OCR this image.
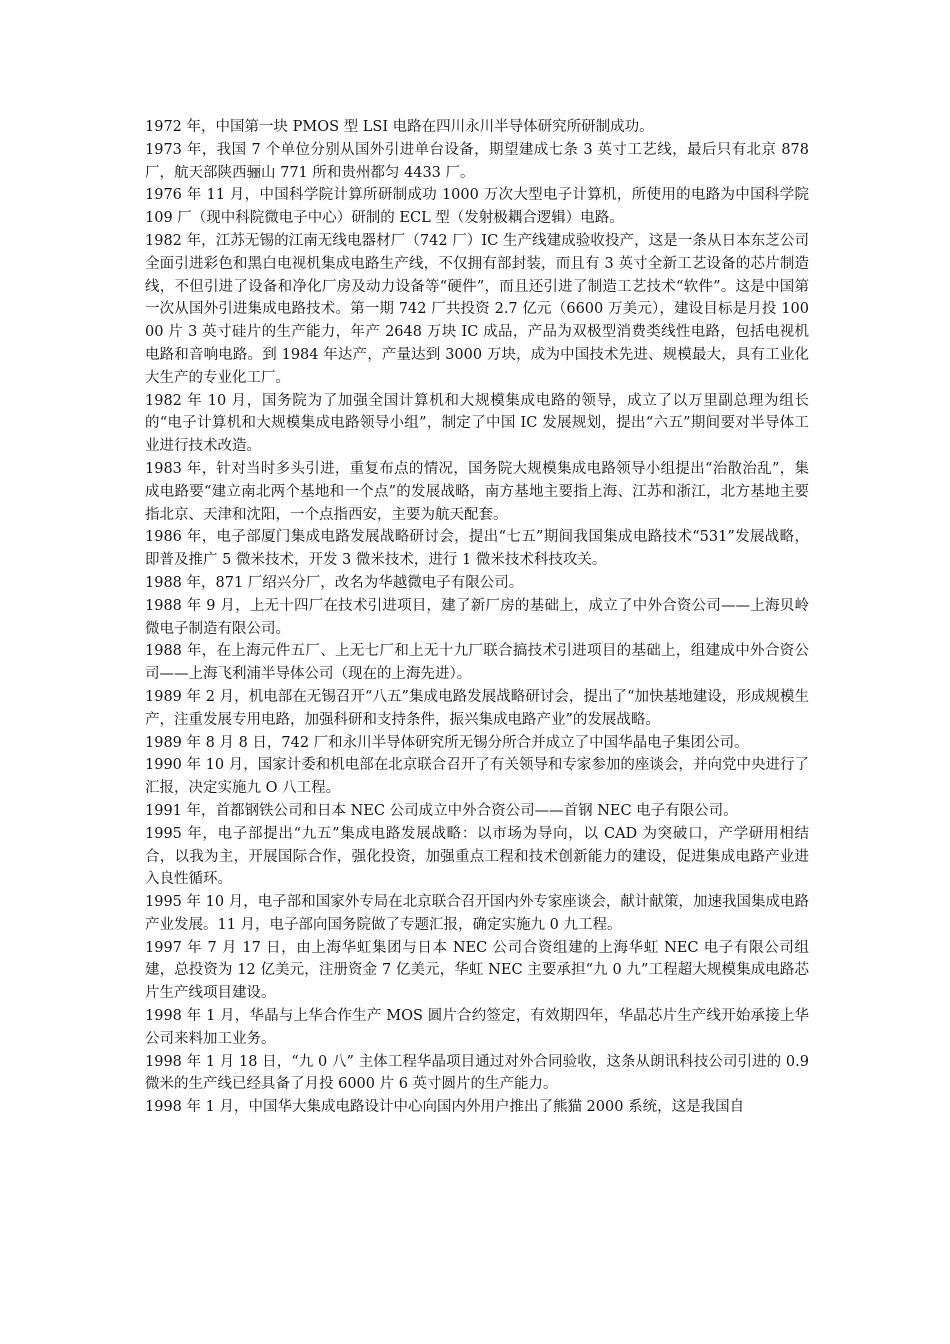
1972 年，中国第一块 PMOS 型 LSI 电路在四川永川半导体研究所研制成功。

1973 年，我国 7 个单位分别从国外引进单台设备，期望建成七条 3 英寸工艺线，最后只有北京 878 厂，航天部陕西骊山 771 所和贵州都匀 4433 厂。

1976 年 11 月，中国科学院计算所研制成功 1000 万次大型电子计算机，所使用的电路为中国科学院 109 厂（现中科院微电子中心）研制的 ECL 型（发射极耦合逻辑）电路。

1982 年，江苏无锡的江南无线电器材厂（742 厂）IC 生产线建成验收投产，这是一条从日本东芝公司全面引进彩色和黑白电视机集成电路生产线，不仅拥有部封装，而且有 3 英寸全新工艺设备的芯片制造线，不但引进了设备和净化厂房及动力设备等“硬件”，而且还引进了制造工艺技术“软件”。这是中国第一次从国外引进集成电路技术。第一期 742 厂共投资 2.7 亿元（6600 万美元），建设目标是月投 10000 片 3 英寸硅片的生产能力，年产 2648 万块 IC 成品，产品为双极型消费类线性电路，包括电视机电路和音响电路。到 1984 年达产，产量达到 3000 万块，成为中国技术先进、规模最大，具有工业化大生产的专业化工厂。

1982 年 10 月，国务院为了加强全国计算机和大规模集成电路的领导，成立了以万里副总理为组长的“电子计算机和大规模集成电路领导小组”，制定了中国 IC 发展规划，提出“六五”期间要对半导体工业进行技术改造。

1983 年，针对当时多头引进，重复布点的情况，国务院大规模集成电路领导小组提出“治散治乱”，集成电路要“建立南北两个基地和一个点”的发展战略，南方基地主要指上海、江苏和浙江，北方基地主要指北京、天津和沈阳，一个点指西安，主要为航天配套。

1986 年，电子部厦门集成电路发展战略研讨会，提出“七五”期间我国集成电路技术“531”发展战略，即普及推广 5 微米技术，开发 3 微米技术，进行 1 微米技术科技攻关。

1988 年，871 厂绍兴分厂，改名为华越微电子有限公司。

1988 年 9 月，上无十四厂在技术引进项目，建了新厂房的基础上，成立了中外合资公司——上海贝岭微电子制造有限公司。

1988 年，在上海元件五厂、上无七厂和上无十九厂联合搞技术引进项目的基础上，组建成中外合资公司——上海飞利浦半导体公司（现在的上海先进）。

1989 年 2 月，机电部在无锡召开“八五”集成电路发展战略研讨会，提出了“加快基地建设，形成规模生产，注重发展专用电路，加强科研和支持条件，振兴集成电路产业”的发展战略。

1989 年 8 月 8 日，742 厂和永川半导体研究所无锡分所合并成立了中国华晶电子集团公司。

1990 年 10 月，国家计委和机电部在北京联合召开了有关领导和专家参加的座谈会，并向党中央进行了汇报，决定实施九 O 八工程。

1991 年，首都钢铁公司和日本 NEC 公司成立中外合资公司——首钢 NEC 电子有限公司。

1995 年，电子部提出“九五”集成电路发展战略：以市场为导向，以 CAD 为突破口，产学研用相结合，以我为主，开展国际合作，强化投资，加强重点工程和技术创新能力的建设，促进集成电路产业进入良性循环。

1995 年 10 月，电子部和国家外专局在北京联合召开国内外专家座谈会，献计献策，加速我国集成电路产业发展。11 月，电子部向国务院做了专题汇报，确定实施九 0 九工程。

1997 年 7 月 17 日，由上海华虹集团与日本 NEC 公司合资组建的上海华虹 NEC 电子有限公司组建，总投资为 12 亿美元，注册资金 7 亿美元，华虹 NEC 主要承担“九 0 九”工程超大规模集成电路芯片生产线项目建设。

1998 年 1 月，华晶与上华合作生产 MOS 圆片合约签定，有效期四年，华晶芯片生产线开始承接上华公司来料加工业务。

1998 年 1 月 18 日，“九 0 八” 主体工程华晶项目通过对外合同验收，这条从朗讯科技公司引进的 0.9 微米的生产线已经具备了月投 6000 片 6 英寸圆片的生产能力。

1998 年 1 月，中国华大集成电路设计中心向国内外用户推出了熊猫 2000 系统，这是我国自
